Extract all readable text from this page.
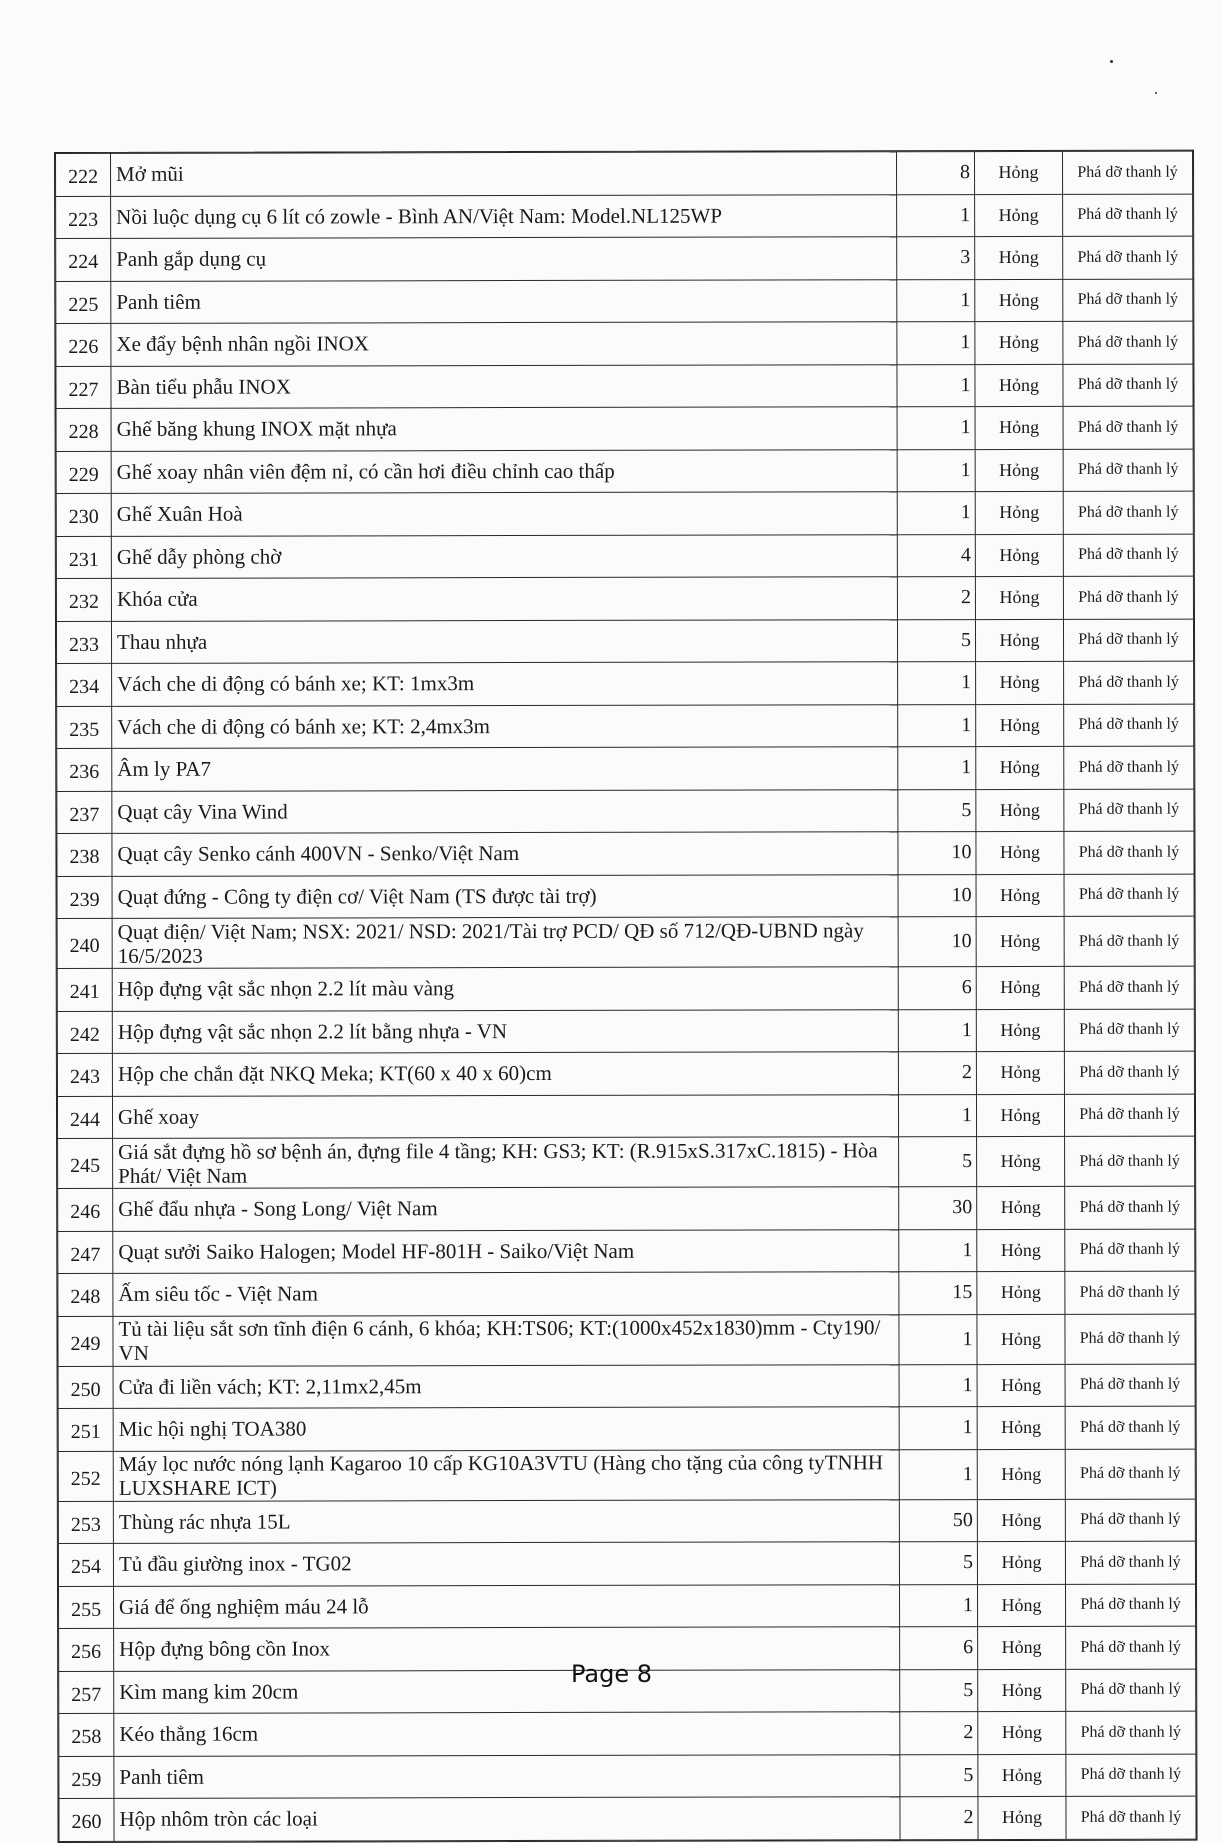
222	Mở mũi	8	Hỏng	Phá dỡ thanh lý
223	Nồi luộc dụng cụ 6 lít có zowle - Bình AN/Việt Nam: Model.NL125WP	1	Hỏng	Phá dỡ thanh lý
224	Panh gắp dụng cụ	3	Hỏng	Phá dỡ thanh lý
225	Panh tiêm	1	Hỏng	Phá dỡ thanh lý
226	Xe đẩy bệnh nhân ngồi INOX	1	Hỏng	Phá dỡ thanh lý
227	Bàn tiểu phẫu INOX	1	Hỏng	Phá dỡ thanh lý
228	Ghế băng khung INOX mặt nhựa	1	Hỏng	Phá dỡ thanh lý
229	Ghế xoay nhân viên đệm nỉ, có cần hơi điều chỉnh cao thấp	1	Hỏng	Phá dỡ thanh lý
230	Ghế Xuân Hoà	1	Hỏng	Phá dỡ thanh lý
231	Ghế dẫy phòng chờ	4	Hỏng	Phá dỡ thanh lý
232	Khóa cửa	2	Hỏng	Phá dỡ thanh lý
233	Thau nhựa	5	Hỏng	Phá dỡ thanh lý
234	Vách che di động có bánh xe; KT: 1mx3m	1	Hỏng	Phá dỡ thanh lý
235	Vách che di động có bánh xe; KT: 2,4mx3m	1	Hỏng	Phá dỡ thanh lý
236	Âm ly PA7	1	Hỏng	Phá dỡ thanh lý
237	Quạt cây Vina Wind	5	Hỏng	Phá dỡ thanh lý
238	Quạt cây Senko cánh 400VN - Senko/Việt Nam	10	Hỏng	Phá dỡ thanh lý
239	Quạt đứng - Công ty điện cơ/ Việt Nam (TS được tài trợ)	10	Hỏng	Phá dỡ thanh lý
240	Quạt điện/ Việt Nam; NSX: 2021/ NSD: 2021/Tài trợ PCD/ QĐ số 712/QĐ-UBND ngày 16/5/2023	10	Hỏng	Phá dỡ thanh lý
241	Hộp đựng vật sắc nhọn 2.2 lít màu vàng	6	Hỏng	Phá dỡ thanh lý
242	Hộp đựng vật sắc nhọn 2.2 lít bằng nhựa - VN	1	Hỏng	Phá dỡ thanh lý
243	Hộp che chắn đặt NKQ Meka; KT(60 x 40 x 60)cm	2	Hỏng	Phá dỡ thanh lý
244	Ghế xoay	1	Hỏng	Phá dỡ thanh lý
245	Giá sắt đựng hồ sơ bệnh án, đựng file 4 tầng; KH: GS3; KT: (R.915xS.317xC.1815) - Hòa Phát/ Việt Nam	5	Hỏng	Phá dỡ thanh lý
246	Ghế đẩu nhựa - Song Long/ Việt Nam	30	Hỏng	Phá dỡ thanh lý
247	Quạt sưởi Saiko Halogen; Model HF-801H - Saiko/Việt Nam	1	Hỏng	Phá dỡ thanh lý
248	Ấm siêu tốc - Việt Nam	15	Hỏng	Phá dỡ thanh lý
249	Tủ tài liệu sắt sơn tĩnh điện 6 cánh, 6 khóa; KH:TS06; KT:(1000x452x1830)mm - Cty190/ VN	1	Hỏng	Phá dỡ thanh lý
250	Cửa đi liền vách; KT: 2,11mx2,45m	1	Hỏng	Phá dỡ thanh lý
251	Mic hội nghị TOA380	1	Hỏng	Phá dỡ thanh lý
252	Máy lọc nước nóng lạnh Kagaroo 10 cấp KG10A3VTU (Hàng cho tặng của công tyTNHH LUXSHARE ICT)	1	Hỏng	Phá dỡ thanh lý
253	Thùng rác nhựa 15L	50	Hỏng	Phá dỡ thanh lý
254	Tủ đầu giường inox - TG02	5	Hỏng	Phá dỡ thanh lý
255	Giá để ống nghiệm máu 24 lỗ	1	Hỏng	Phá dỡ thanh lý
256	Hộp đựng bông cồn Inox	6	Hỏng	Phá dỡ thanh lý
257	Kìm mang kim 20cm	5	Hỏng	Phá dỡ thanh lý
258	Kéo thẳng 16cm	2	Hỏng	Phá dỡ thanh lý
259	Panh tiêm	5	Hỏng	Phá dỡ thanh lý
260	Hộp nhôm tròn các loại	2	Hỏng	Phá dỡ thanh lý
Page 8
